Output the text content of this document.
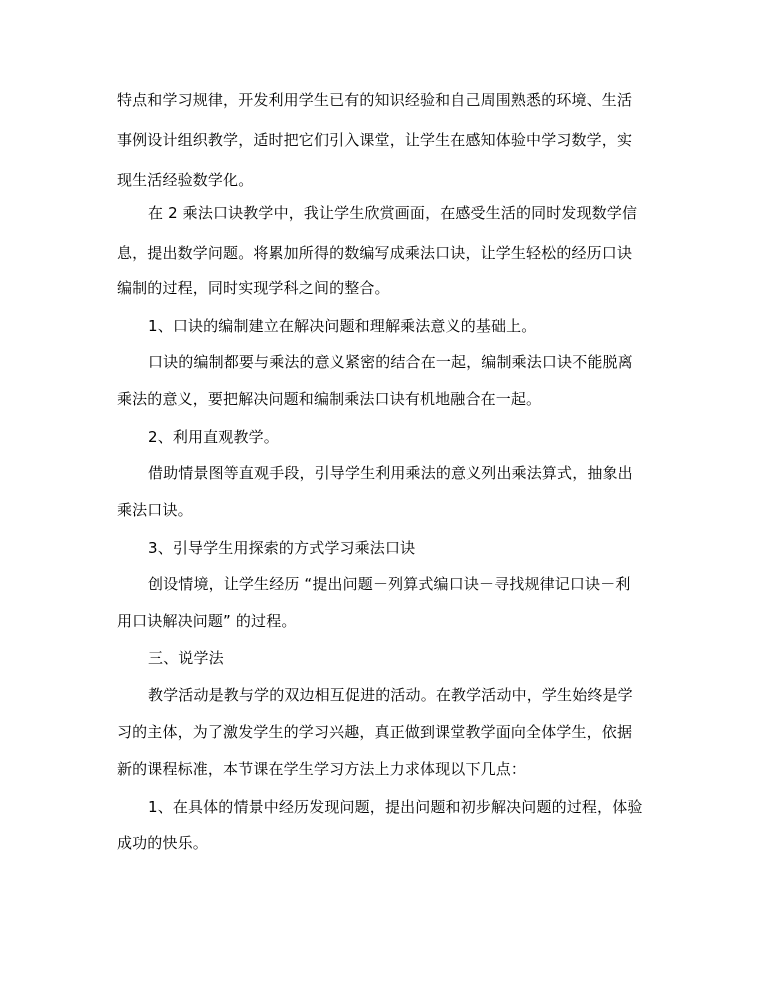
特点和学习规律，开发利用学生已有的知识经验和自己周围熟悉的环境、生活
事例设计组织教学，适时把它们引入课堂，让学生在感知体验中学习数学，实
现生活经验数学化。
在 2 乘法口诀教学中，我让学生欣赏画面，在感受生活的同时发现数学信
息，提出数学问题。将累加所得的数编写成乘法口诀，让学生轻松的经历口诀
编制的过程，同时实现学科之间的整合。
1、口诀的编制建立在解决问题和理解乘法意义的基础上。
口诀的编制都要与乘法的意义紧密的结合在一起，编制乘法口诀不能脱离
乘法的意义，要把解决问题和编制乘法口诀有机地融合在一起。
2、利用直观教学。
借助情景图等直观手段，引导学生利用乘法的意义列出乘法算式，抽象出
乘法口诀。
3、引导学生用探索的方式学习乘法口诀
创设情境，让学生经历 “提出问题－列算式编口诀－寻找规律记口诀－利
用口诀解决问题” 的过程。
三、说学法
教学活动是教与学的双边相互促进的活动。在教学活动中，学生始终是学
习的主体，为了激发学生的学习兴趣，真正做到课堂教学面向全体学生，依据
新的课程标准，本节课在学生学习方法上力求体现以下几点：
1、在具体的情景中经历发现问题，提出问题和初步解决问题的过程，体验
成功的快乐。
